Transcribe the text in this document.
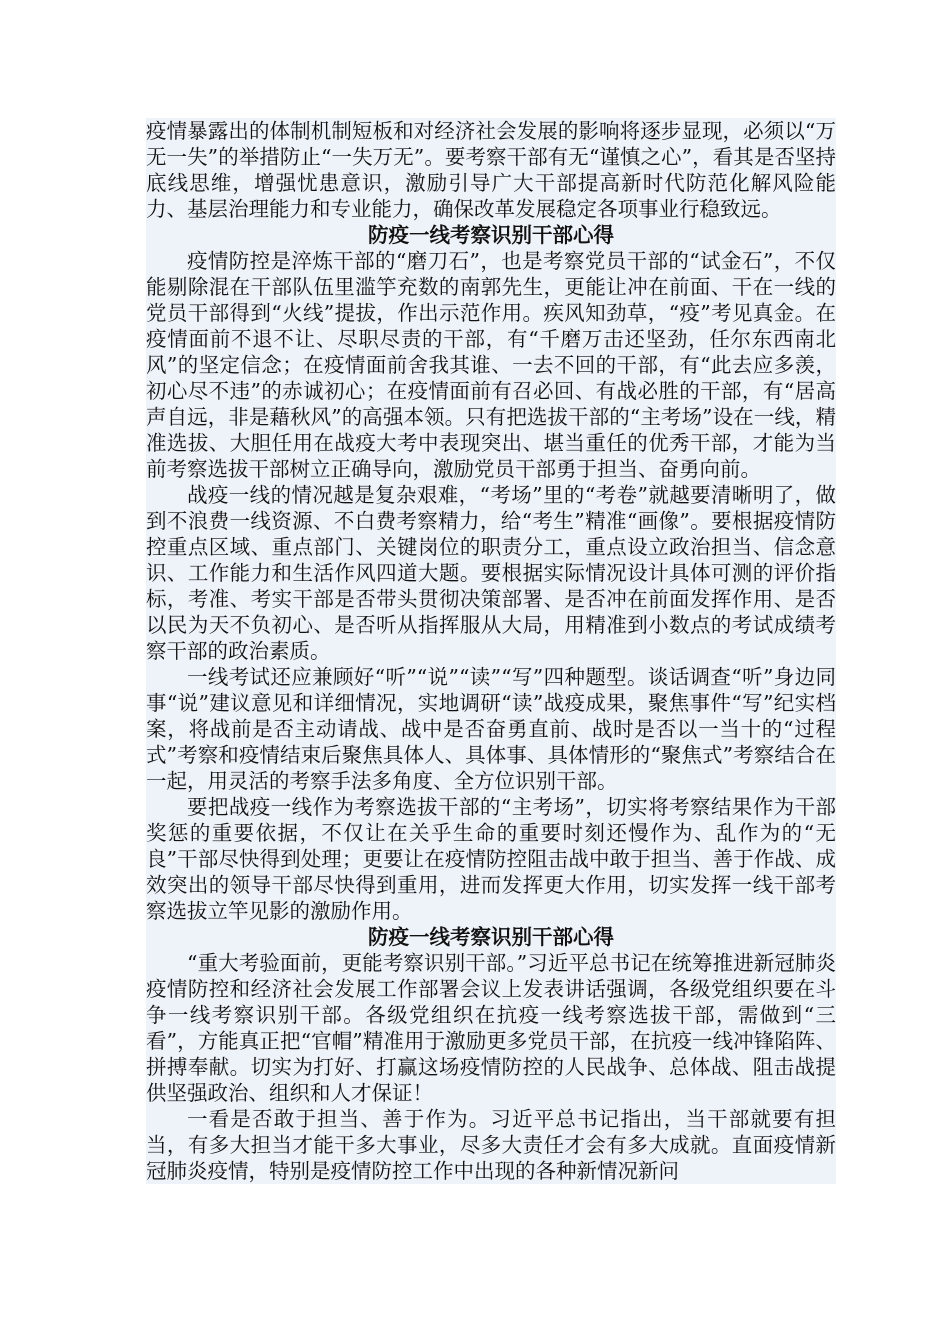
疫情暴露出的体制机制短板和对经济社会发展的影响将逐步显现，必须以“万无一失”的举措防止“一失万无”。要考察干部有无“谨慎之心”，看其是否坚持底线思维，增强忧患意识，激励引导广大干部提高新时代防范化解风险能力、基层治理能力和专业能力，确保改革发展稳定各项事业行稳致远。

防疫一线考察识别干部心得

疫情防控是淬炼干部的“磨刀石”，也是考察党员干部的“试金石”，不仅能剔除混在干部队伍里滥竽充数的南郭先生，更能让冲在前面、干在一线的党员干部得到“火线”提拔，作出示范作用。疾风知劲草，“疫”考见真金。在疫情面前不退不让、尽职尽责的干部，有“千磨万击还坚劲，任尔东西南北风”的坚定信念；在疫情面前舍我其谁、一去不回的干部，有“此去应多羡，初心尽不违”的赤诚初心；在疫情面前有召必回、有战必胜的干部，有“居高声自远，非是藉秋风”的高强本领。只有把选拔干部的“主考场”设在一线，精准选拔、大胆任用在战疫大考中表现突出、堪当重任的优秀干部，才能为当前考察选拔干部树立正确导向，激励党员干部勇于担当、奋勇向前。

战疫一线的情况越是复杂艰难，“考场”里的“考卷”就越要清晰明了，做到不浪费一线资源、不白费考察精力，给“考生”精准“画像”。要根据疫情防控重点区域、重点部门、关键岗位的职责分工，重点设立政治担当、信念意识、工作能力和生活作风四道大题。要根据实际情况设计具体可测的评价指标，考准、考实干部是否带头贯彻决策部署、是否冲在前面发挥作用、是否以民为天不负初心、是否听从指挥服从大局，用精准到小数点的考试成绩考察干部的政治素质。

一线考试还应兼顾好“听”“说”“读”“写”四种题型。谈话调查“听”身边同事“说”建议意见和详细情况，实地调研“读”战疫成果，聚焦事件“写”纪实档案，将战前是否主动请战、战中是否奋勇直前、战时是否以一当十的“过程式”考察和疫情结束后聚焦具体人、具体事、具体情形的“聚焦式”考察结合在一起，用灵活的考察手法多角度、全方位识别干部。

要把战疫一线作为考察选拔干部的“主考场”，切实将考察结果作为干部奖惩的重要依据，不仅让在关乎生命的重要时刻还慢作为、乱作为的“无良”干部尽快得到处理；更要让在疫情防控阻击战中敢于担当、善于作战、成效突出的领导干部尽快得到重用，进而发挥更大作用，切实发挥一线干部考察选拔立竿见影的激励作用。

防疫一线考察识别干部心得

“重大考验面前，更能考察识别干部。”习近平总书记在统筹推进新冠肺炎疫情防控和经济社会发展工作部署会议上发表讲话强调，各级党组织要在斗争一线考察识别干部。各级党组织在抗疫一线考察选拔干部，需做到“三看”，方能真正把“官帽”精准用于激励更多党员干部，在抗疫一线冲锋陷阵、拼搏奉献。切实为打好、打赢这场疫情防控的人民战争、总体战、阻击战提供坚强政治、组织和人才保证！

一看是否敢于担当、善于作为。习近平总书记指出，当干部就要有担当，有多大担当才能干多大事业，尽多大责任才会有多大成就。直面疫情新冠肺炎疫情，特别是疫情防控工作中出现的各种新情况新问
